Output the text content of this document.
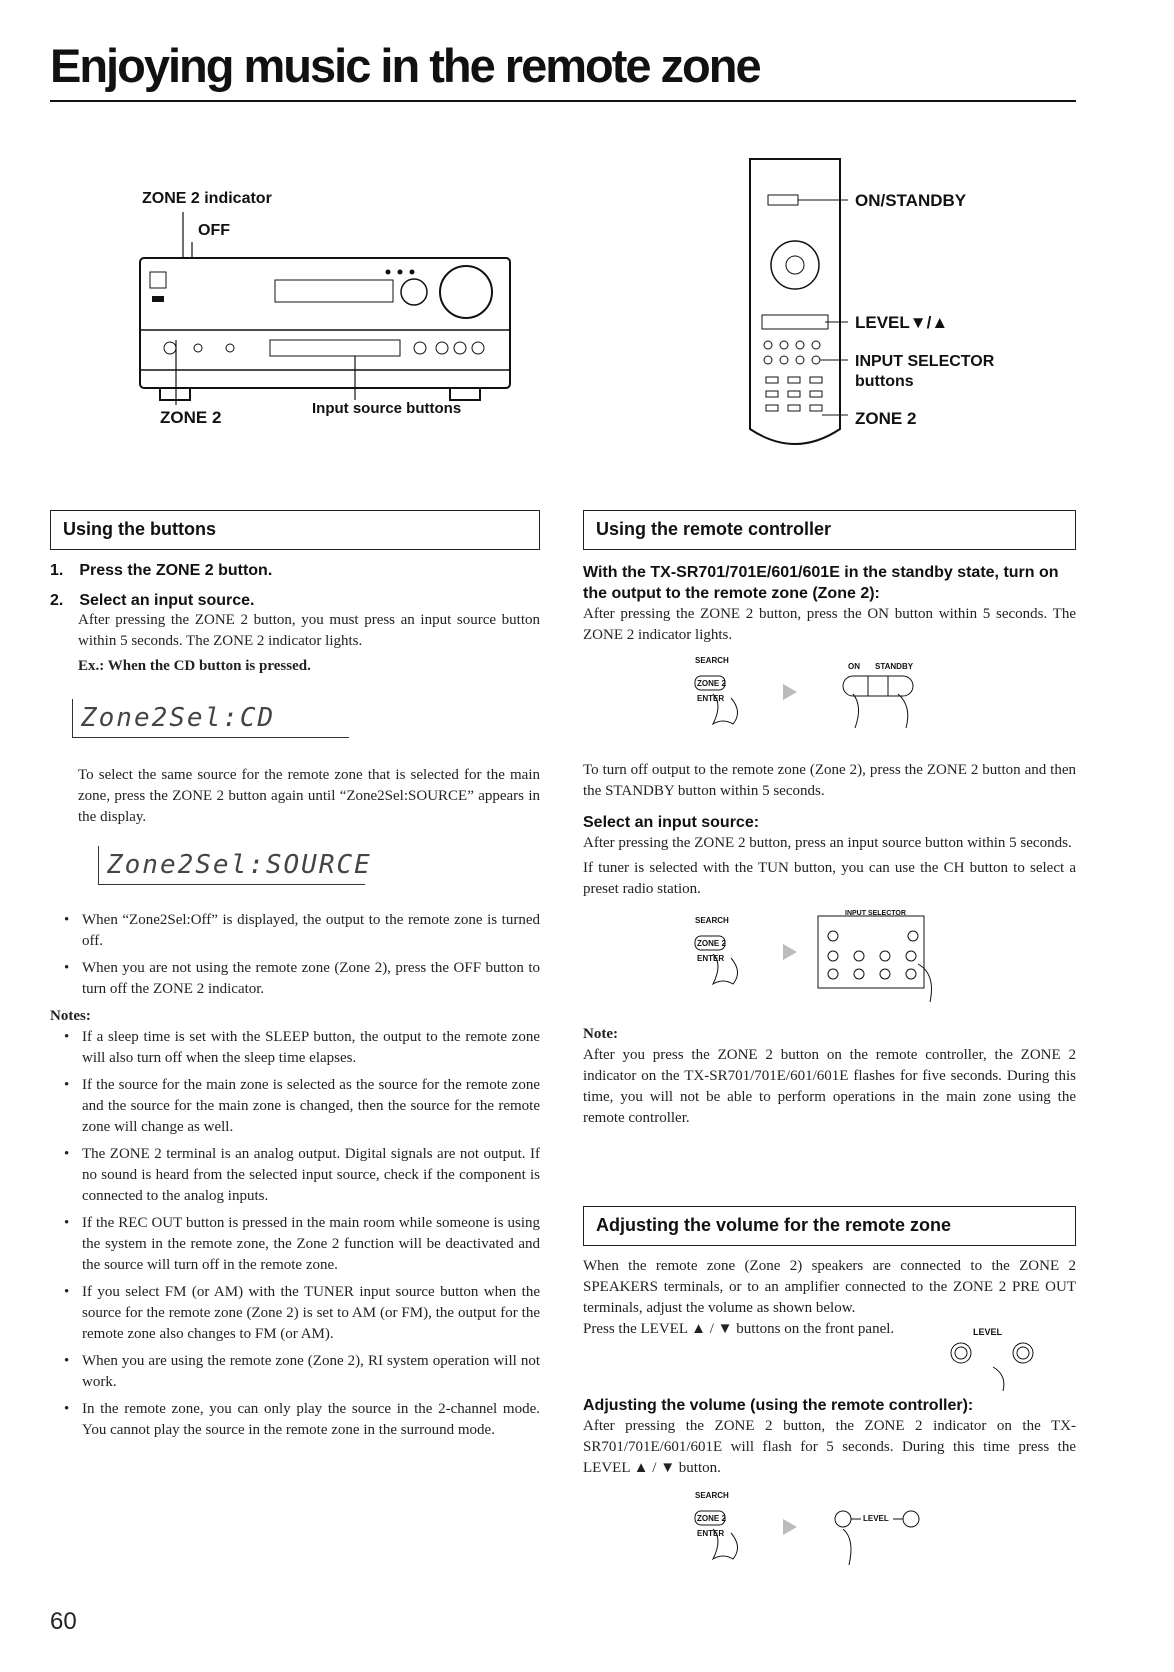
Enjoying music in the remote zone
ZONE 2 indicator
OFF
ZONE 2	Input source buttons
ON/STANDBY
LEVEL▼/▲
INPUT SELECTOR
buttons
ZONE 2
Using the buttons
1. Press the ZONE 2 button.
2. Select an input source.
After pressing the ZONE 2 button, you must press an input source button within 5 seconds. The ZONE 2 indicator lights.
Ex.: When the CD button is pressed.
Zone2Sel:CD
To select the same source for the remote zone that is selected for the main zone, press the ZONE 2 button again until “Zone2Sel:SOURCE” appears in the display.
Zone2Sel:SOURCE
• When “Zone2Sel:Off” is displayed, the output to the remote zone is turned off.
• When you are not using the remote zone (Zone 2), press the OFF button to turn off the ZONE 2 indicator.
Notes:
• If a sleep time is set with the SLEEP button, the output to the remote zone will also turn off when the sleep time elapses.
• If the source for the main zone is selected as the source for the remote zone and the source for the main zone is changed, then the source for the remote zone will change as well.
• The ZONE 2 terminal is an analog output. Digital signals are not output. If no sound is heard from the selected input source, check if the component is connected to the analog inputs.
• If the REC OUT button is pressed in the main room while someone is using the system in the remote zone, the Zone 2 function will be deactivated and the source will turn off in the remote zone.
• If you select FM (or AM) with the TUNER input source button when the source for the remote zone (Zone 2) is set to AM (or FM), the output for the remote zone also changes to FM (or AM).
• When you are using the remote zone (Zone 2), RI system operation will not work.
• In the remote zone, you can only play the source in the 2-channel mode. You cannot play the source in the remote zone in the surround mode.
Using the remote controller
With the TX-SR701/701E/601/601E in the standby state, turn on the output to the remote zone (Zone 2):
After pressing the ZONE 2 button, press the ON button within 5 seconds. The ZONE 2 indicator lights.
SEARCH
ZONE 2
ENTER
ON STANDBY
To turn off output to the remote zone (Zone 2), press the ZONE 2 button and then the STANDBY button within 5 seconds.
Select an input source:
After pressing the ZONE 2 button, press an input source button within 5 seconds.
If tuner is selected with the TUN button, you can use the CH button to select a preset radio station.
SEARCH
ZONE 2
ENTER
INPUT SELECTOR
Note:
After you press the ZONE 2 button on the remote controller, the ZONE 2 indicator on the TX-SR701/701E/601/601E flashes for five seconds. During this time, you will not be able to perform operations in the main zone using the remote controller.
Adjusting the volume for the remote zone
When the remote zone (Zone 2) speakers are connected to the ZONE 2 SPEAKERS terminals, or to an amplifier connected to the ZONE 2 PRE OUT terminals, adjust the volume as shown below.
Press the LEVEL ▲ / ▼ buttons on the front panel.	LEVEL
Adjusting the volume (using the remote controller):
After pressing the ZONE 2 button, the ZONE 2 indicator on the TX-SR701/701E/601/601E will flash for 5 seconds. During this time press the LEVEL ▲ / ▼ button.
SEARCH
ZONE 2
ENTER
LEVEL
60
